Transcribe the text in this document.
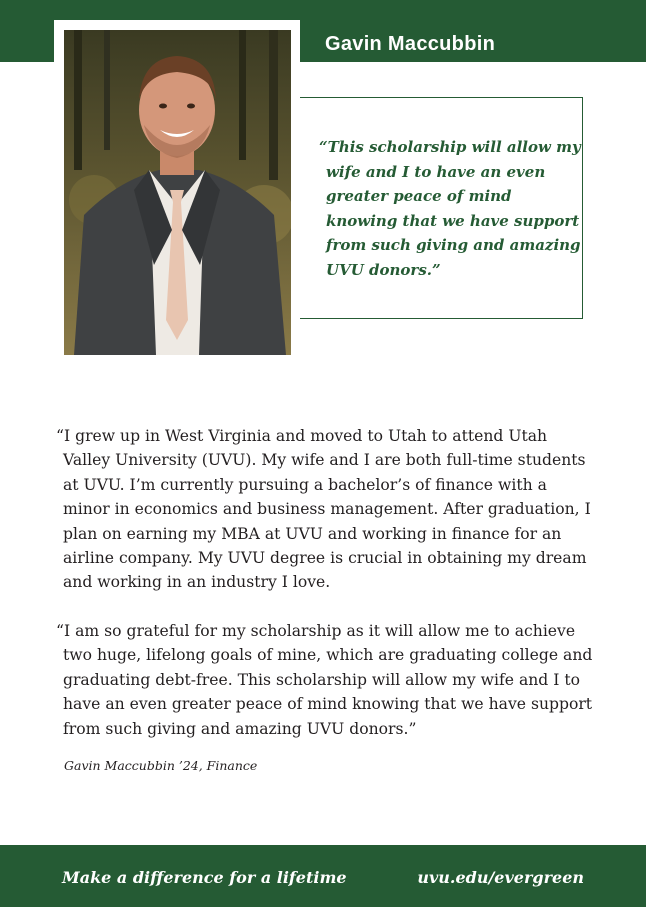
Gavin Maccubbin

“This scholarship will allow my wife and I to have an even greater peace of mind knowing that we have support from such giving and amazing UVU donors.”

“I grew up in West Virginia and moved to Utah to attend Utah Valley University (UVU). My wife and I are both full-time students at UVU. I’m currently pursuing a bachelor’s of finance with a minor in economics and business management. After graduation, I plan on earning my MBA at UVU and working in finance for an airline company. My UVU degree is crucial in obtaining my dream and working in an industry I love.

“I am so grateful for my scholarship as it will allow me to achieve two huge, lifelong goals of mine, which are graduating college and graduating debt-free. This scholarship will allow my wife and I to have an even greater peace of mind knowing that we have support from such giving and amazing UVU donors.”

Gavin Maccubbin ’24, Finance

Make a difference for a lifetime	uvu.edu/evergreen
